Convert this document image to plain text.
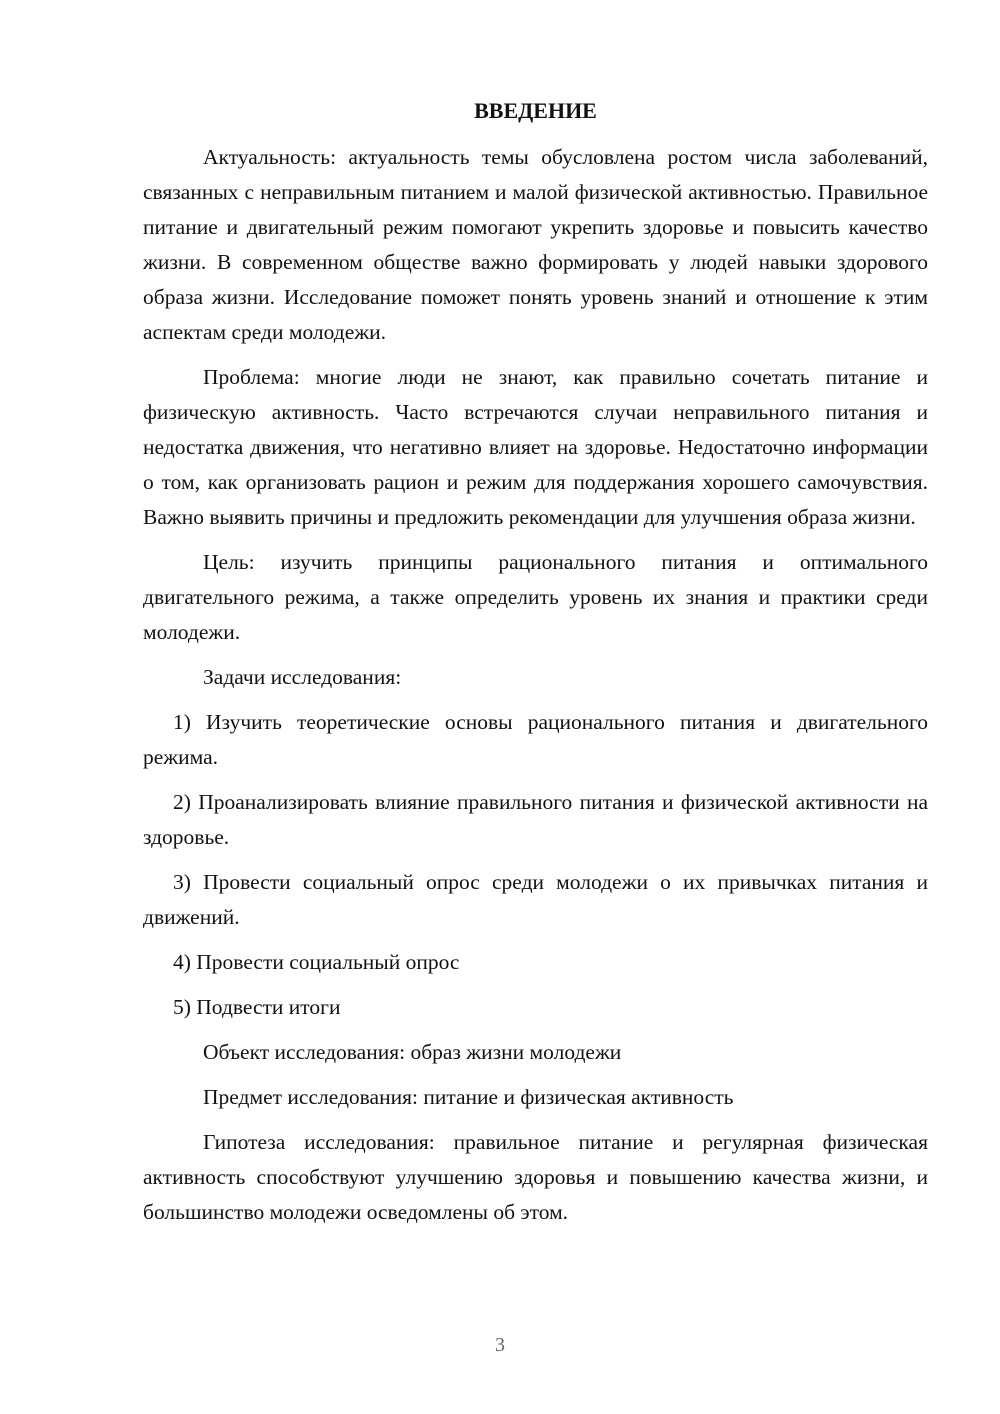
ВВЕДЕНИЕ

Актуальность: актуальность темы обусловлена ростом числа заболеваний, связанных с неправильным питанием и малой физической активностью. Правильное питание и двигательный режим помогают укрепить здоровье и повысить качество жизни. В современном обществе важно формировать у людей навыки здорового образа жизни. Исследование поможет понять уровень знаний и отношение к этим аспектам среди молодежи.

Проблема: многие люди не знают, как правильно сочетать питание и физическую активность. Часто встречаются случаи неправильного питания и недостатка движения, что негативно влияет на здоровье. Недостаточно информации о том, как организовать рацион и режим для поддержания хорошего самочувствия. Важно выявить причины и предложить рекомендации для улучшения образа жизни.

Цель: изучить принципы рационального питания и оптимального двигательного режима, а также определить уровень их знания и практики среди молодежи.

Задачи исследования:

1) Изучить теоретические основы рационального питания и двигательного режима.

2) Проанализировать влияние правильного питания и физической активности на здоровье.

3) Провести социальный опрос среди молодежи о их привычках питания и движений.

4) Провести социальный опрос

5) Подвести итоги

Объект исследования: образ жизни молодежи

Предмет исследования: питание и физическая активность

Гипотеза исследования: правильное питание и регулярная физическая активность способствуют улучшению здоровья и повышению качества жизни, и большинство молодежи осведомлены об этом.

3
